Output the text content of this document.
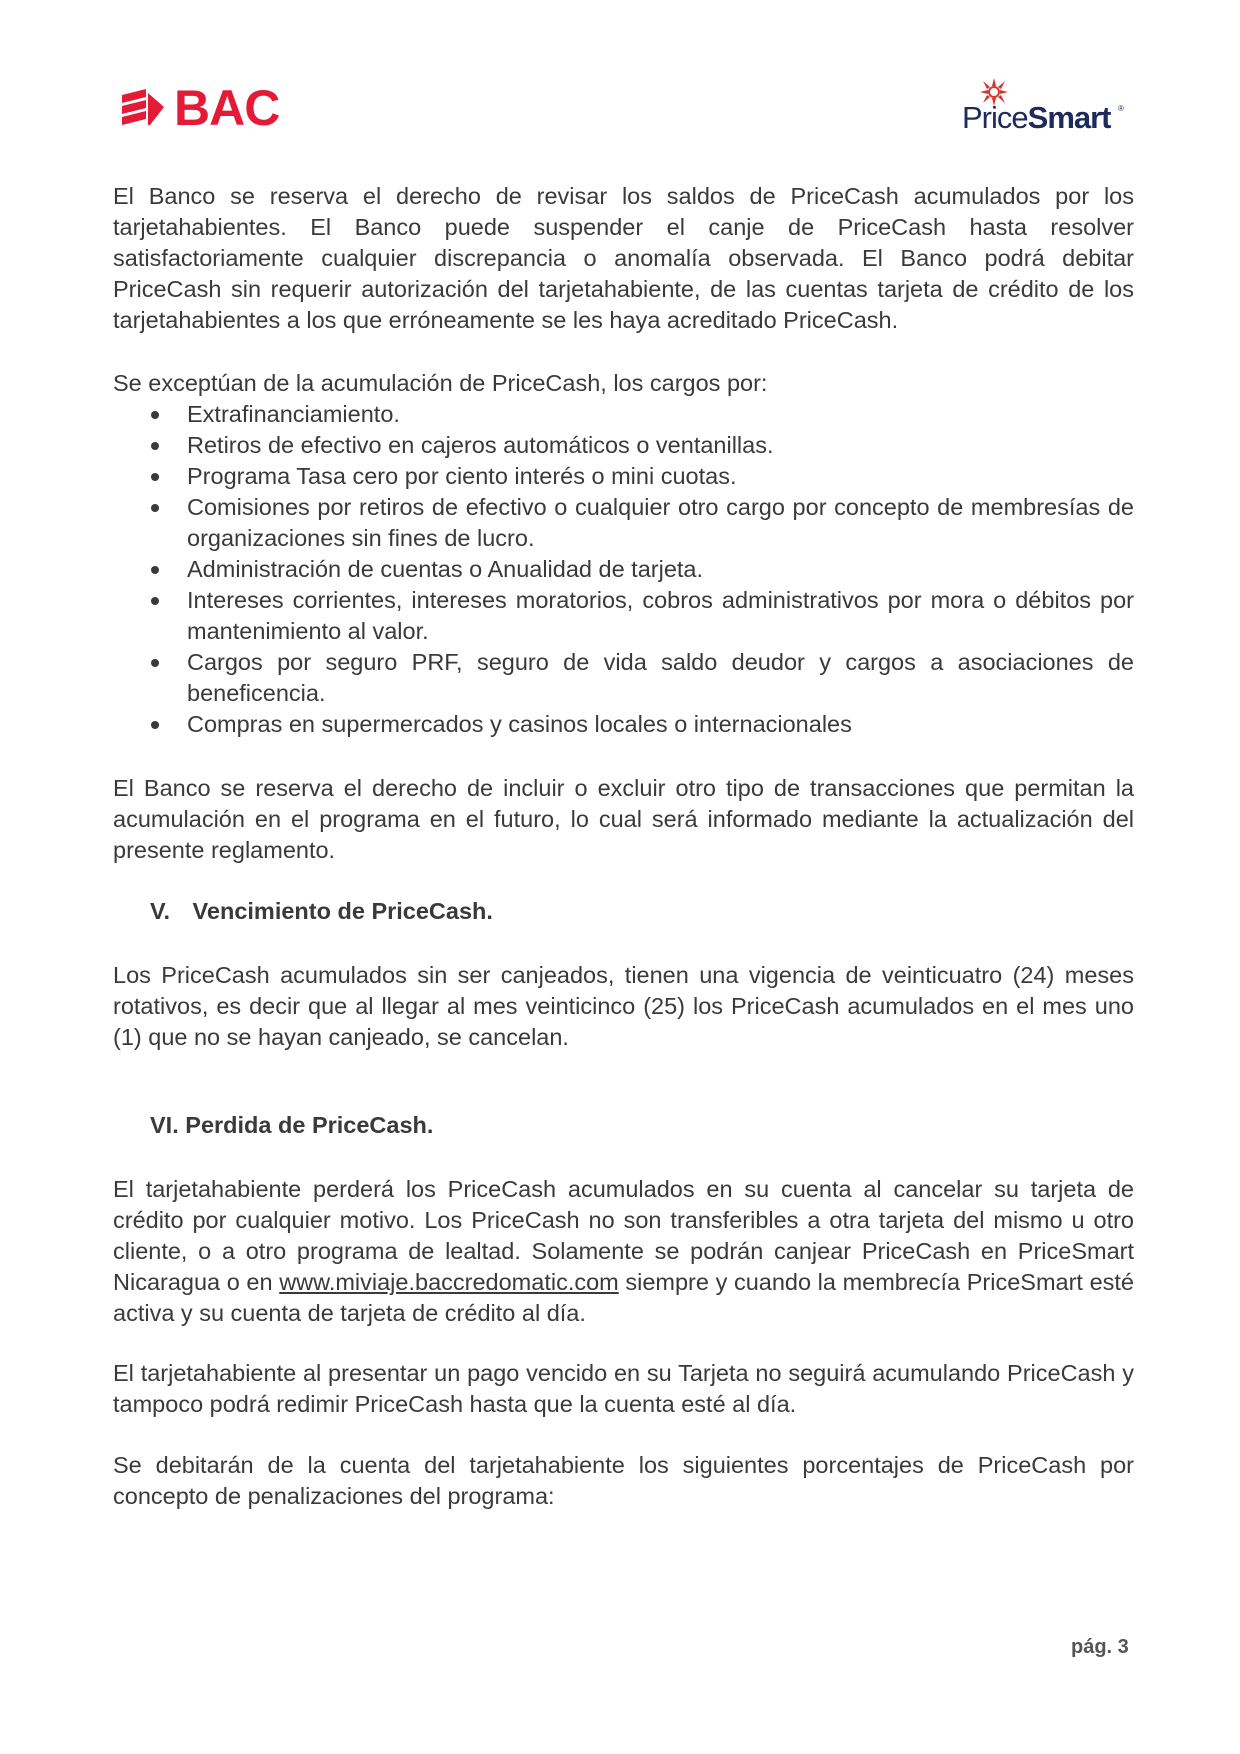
BAC	PriceSmart ®

El Banco se reserva el derecho de revisar los saldos de PriceCash acumulados por los tarjetahabientes. El Banco puede suspender el canje de PriceCash hasta resolver satisfactoriamente cualquier discrepancia o anomalía observada. El Banco podrá debitar PriceCash sin requerir autorización del tarjetahabiente, de las cuentas tarjeta de crédito de los tarjetahabientes a los que erróneamente se les haya acreditado PriceCash.

Se exceptúan de la acumulación de PriceCash, los cargos por:

Extrafinanciamiento.
Retiros de efectivo en cajeros automáticos o ventanillas.
Programa Tasa cero por ciento interés o mini cuotas.
Comisiones por retiros de efectivo o cualquier otro cargo por concepto de membresías de organizaciones sin fines de lucro.
Administración de cuentas o Anualidad de tarjeta.
Intereses corrientes, intereses moratorios, cobros administrativos por mora o débitos por mantenimiento al valor.
Cargos por seguro PRF, seguro de vida saldo deudor y cargos a asociaciones de beneficencia.
Compras en supermercados y casinos locales o internacionales

El Banco se reserva el derecho de incluir o excluir otro tipo de transacciones que permitan la acumulación en el programa en el futuro, lo cual será informado mediante la actualización del presente reglamento.

V. Vencimiento de PriceCash.

Los PriceCash acumulados sin ser canjeados, tienen una vigencia de veinticuatro (24) meses rotativos, es decir que al llegar al mes veinticinco (25) los PriceCash acumulados en el mes uno (1) que no se hayan canjeado, se cancelan.

VI. Perdida de PriceCash.

El tarjetahabiente perderá los PriceCash acumulados en su cuenta al cancelar su tarjeta de crédito por cualquier motivo. Los PriceCash no son transferibles a otra tarjeta del mismo u otro cliente, o a otro programa de lealtad. Solamente se podrán canjear PriceCash en PriceSmart Nicaragua o en www.miviaje.baccredomatic.com siempre y cuando la membrecía PriceSmart esté activa y su cuenta de tarjeta de crédito al día.

El tarjetahabiente al presentar un pago vencido en su Tarjeta no seguirá acumulando PriceCash y tampoco podrá redimir PriceCash hasta que la cuenta esté al día.

Se debitarán de la cuenta del tarjetahabiente los siguientes porcentajes de PriceCash por concepto de penalizaciones del programa:

pág. 3
